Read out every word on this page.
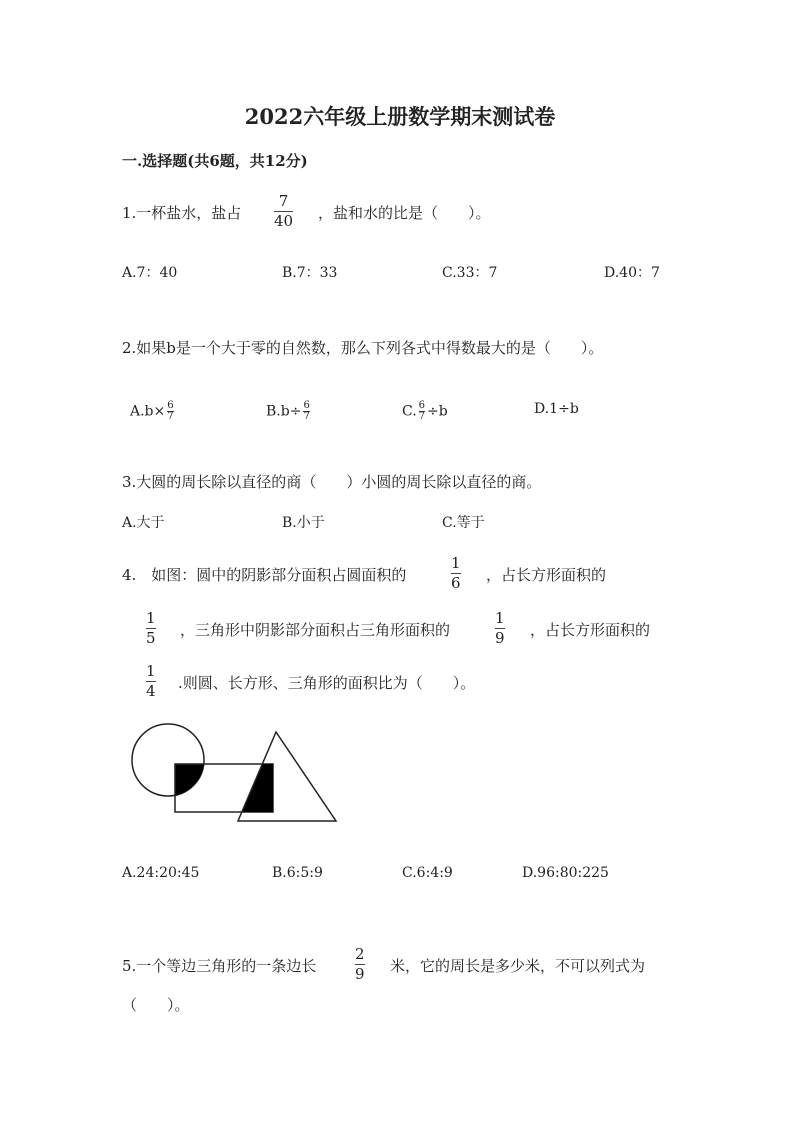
2022六年级上册数学期末测试卷
一.选择题(共6题，共12分)
1.一杯盐水，盐占
7
40 ，盐和水的比是（　　）。
A.7：40	B.7：33	C.33：7	D.40：7
2.如果b是一个大于零的自然数，那么下列各式中得数最大的是（　　）。
$A.b\times \frac{6}{7}$	$B.b\div \frac{6}{7}$	C. $\frac{6}{7} \div b$	D.1÷b
3.大圆的周长除以直径的商（　　）小圆的周长除以直径的商。
A.大于	B.小于	C.等于
4.　如图：圆中的阴影部分面积占圆面积的
1
6 ，占长方形面积的
1
5 ，三角形中阴影部分面积占三角形面积的
1
9 ，占长方形面积的
1
4 .则圆、长方形、三角形的面积比为（　　）。
A.24:20:45	B.6:5:9	C.6:4:9	D.96:80:225
5.一个等边三角形的一条边长
2
9 米，它的周长是多少米，不可以列式为
（　　）。
